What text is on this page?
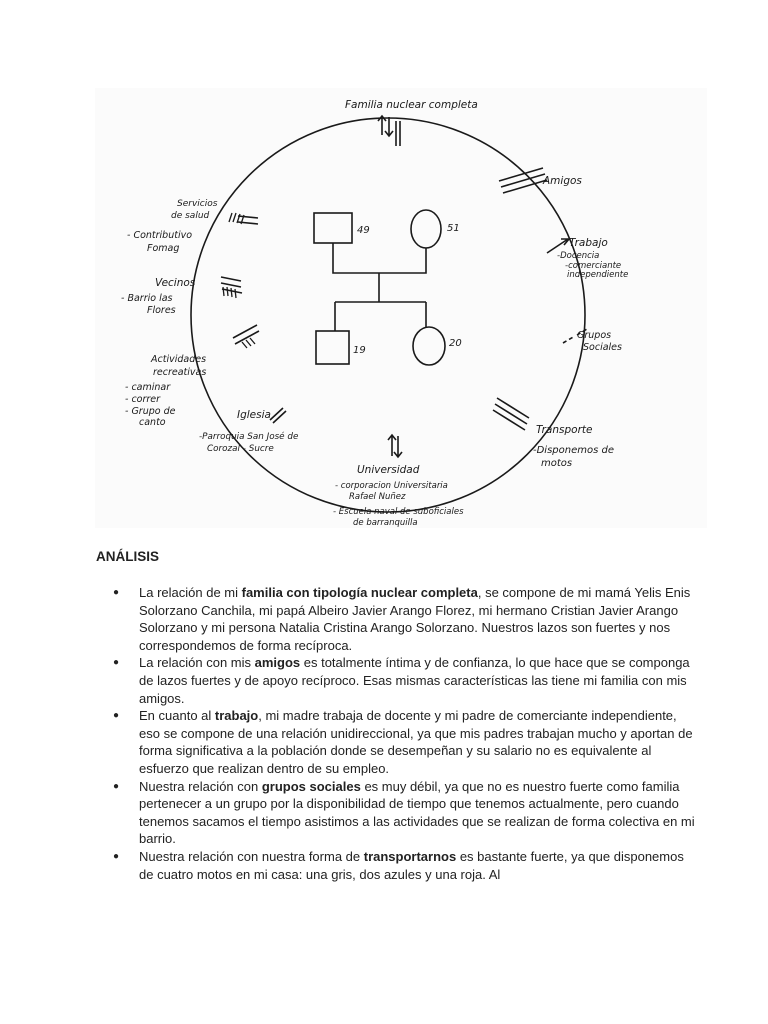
49	51
19
20
Familia nuclear completa
Amigos
Trabajo
-Docencia
-comerciante
independiente
Grupos
Sociales
Transporte
-Disponemos de
motos
Universidad
- corporacion Universitaria
Rafael Nuñez
- Escuela naval de suboficiales
de barranquilla
Iglesia
-Parroquia San José de
Corozal - Sucre
Actividades
recreativas
- caminar
- correr
- Grupo de
canto
Vecinos
- Barrio las
Flores
Servicios
de salud
- Contributivo
Fomag
ANÁLISIS
● La relación de mi familia con tipología nuclear completa, se compone de mi mamá Yelis Enis Solorzano Canchila, mi papá Albeiro Javier Arango Florez, mi hermano Cristian Javier Arango Solorzano y mi persona Natalia Cristina Arango Solorzano. Nuestros lazos son fuertes y nos correspondemos de forma recíproca.
● La relación con mis amigos es totalmente íntima y de confianza, lo que hace que se componga de lazos fuertes y de apoyo recíproco. Esas mismas características las tiene mi familia con mis amigos.
● En cuanto al trabajo, mi madre trabaja de docente y mi padre de comerciante independiente, eso se compone de una relación unidireccional, ya que mis padres trabajan mucho y aportan de forma significativa a la población donde se desempeñan y su salario no es equivalente al esfuerzo que realizan dentro de su empleo.
● Nuestra relación con grupos sociales es muy débil, ya que no es nuestro fuerte como familia pertenecer a un grupo por la disponibilidad de tiempo que tenemos actualmente, pero cuando tenemos sacamos el tiempo asistimos a las actividades que se realizan de forma colectiva en mi barrio.
● Nuestra relación con nuestra forma de transportarnos es bastante fuerte, ya que disponemos de cuatro motos en mi casa: una gris, dos azules y una roja. Al
